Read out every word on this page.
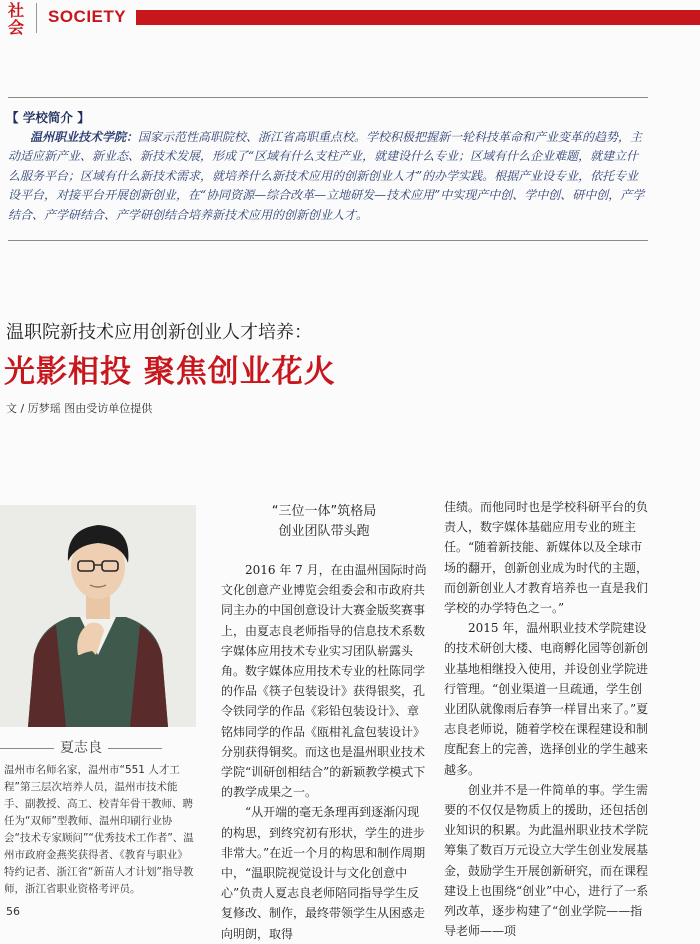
社会
SOCIETY
【 学校简介 】

温州职业技术学院：国家示范性高职院校、浙江省高职重点校。学校积极把握新一轮科技革命和产业变革的趋势，主动适应新产业、新业态、新技术发展，形成了“区域有什么支柱产业，就建设什么专业；区域有什么企业难题，就建立什么服务平台；区域有什么新技术需求，就培养什么新技术应用的创新创业人才”的办学实践。根据产业设专业，依托专业设平台，对接平台开展创新创业，在“协同资源—综合改革—立地研发—技术应用”中实现产中创、学中创、研中创，产学结合、产学研结合、产学研创结合培养新技术应用的创新创业人才。

温职院新技术应用创新创业人才培养：
光影相投 聚焦创业花火
文 / 厉梦瑶 图由受访单位提供
夏志良

温州市名师名家，温州市“551 人才工程”第三层次培养人员，温州市技术能手、副教授、高工、校青年骨干教师、聘任为“双师”型教师、温州印刷行业协会“技术专家顾问”“优秀技术工作者”、温州市政府金燕奖获得者、《教育与职业》特约记者、浙江省“新苗人才计划”指导教师，浙江省职业资格考评员。

“三位一体”筑格局
创业团队带头跑

2016 年 7 月，在由温州国际时尚文化创意产业博览会组委会和市政府共同主办的中国创意设计大赛金版奖赛事上，由夏志良老师指导的信息技术系数字媒体应用技术专业实习团队崭露头角。数字媒体应用技术专业的杜陈同学的作品《筷子包装设计》获得银奖，孔令铁同学的作品《彩铅包装设计》、章铭炜同学的作品《瓯柑礼盒包装设计》分别获得铜奖。而这也是温州职业技术学院“训研创相结合”的新颖教学模式下的教学成果之一。

“从开端的毫无条理再到逐渐闪现的构思，到终究初有形状，学生的进步非常大。”在近一个月的构思和制作周期中，“温职院视觉设计与文化创意中心”负责人夏志良老师陪同指导学生反复修改、制作，最终带领学生从困惑走向明朗，取得

佳绩。而他同时也是学校科研平台的负责人，数字媒体基础应用专业的班主任。“随着新技能、新媒体以及全球市场的翻开，创新创业成为时代的主题，而创新创业人才教育培养也一直是我们学校的办学特色之一。”

2015 年，温州职业技术学院建设的技术研创大楼、电商孵化园等创新创业基地相继投入使用，并设创业学院进行管理。“创业渠道一旦疏通，学生创业团队就像雨后春笋一样冒出来了。”夏志良老师说，随着学校在课程建设和制度配套上的完善，选择创业的学生越来越多。

创业并不是一件简单的事。学生需要的不仅仅是物质上的援助，还包括创业知识的积累。为此温州职业技术学院筹集了数百万元设立大学生创业发展基金，鼓励学生开展创新研究，而在课程建设上也围绕“创业”中心，进行了一系列改革，逐步构建了“创业学院——指导老师——项

56
